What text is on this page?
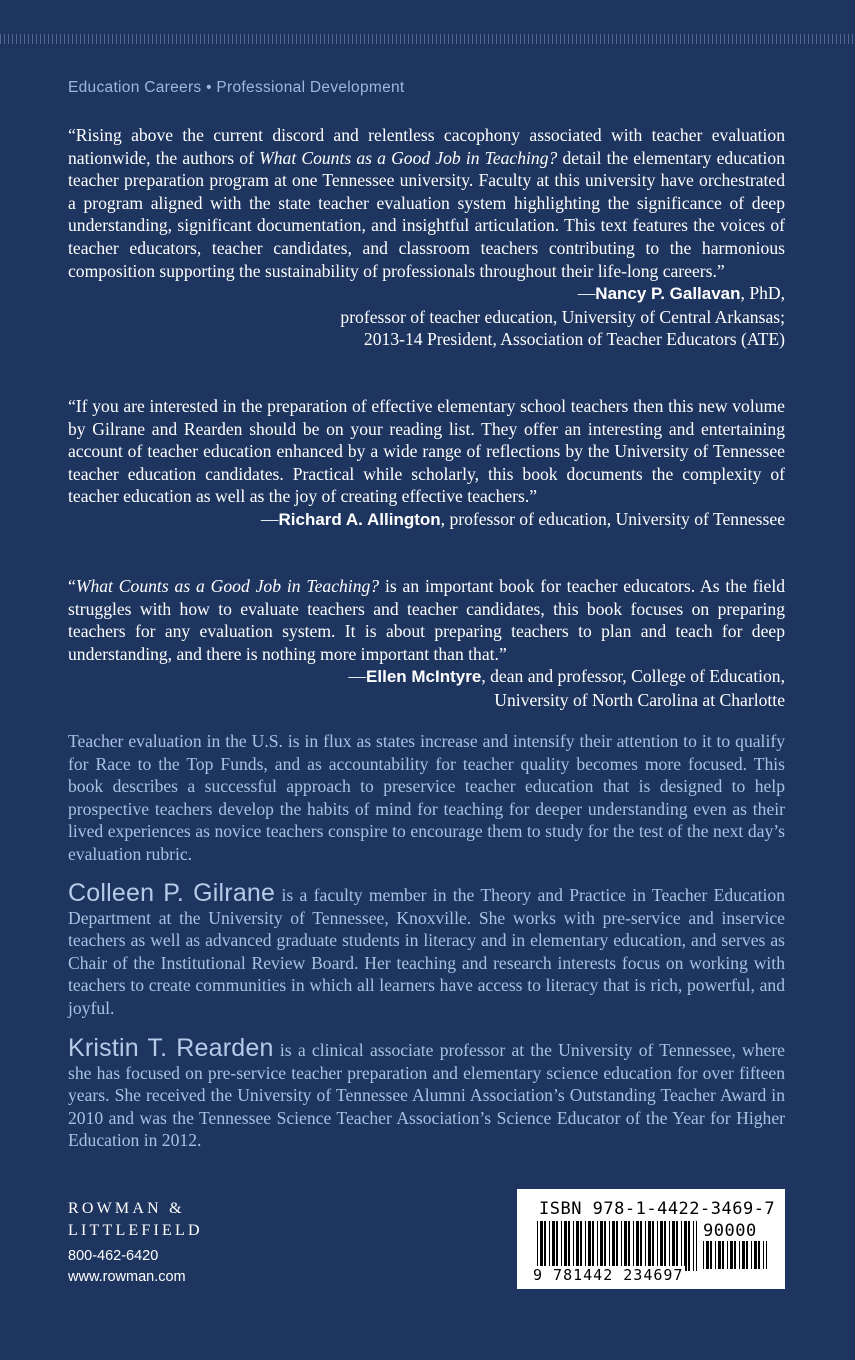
Education Careers • Professional Development
“Rising above the current discord and relentless cacophony associated with teacher evaluation nationwide, the authors of What Counts as a Good Job in Teaching? detail the elementary education teacher preparation program at one Tennessee university. Faculty at this university have orchestrated a program aligned with the state teacher evaluation system highlighting the significance of deep understanding, significant documentation, and insightful articulation. This text features the voices of teacher educators, teacher candidates, and classroom teachers contributing to the harmonious composition supporting the sustainability of professionals throughout their life-long careers.”
—Nancy P. Gallavan, PhD,
professor of teacher education, University of Central Arkansas;
2013-14 President, Association of Teacher Educators (ATE)
“If you are interested in the preparation of effective elementary school teachers then this new volume by Gilrane and Rearden should be on your reading list. They offer an interesting and entertaining account of teacher education enhanced by a wide range of reflections by the University of Tennessee teacher education candidates. Practical while scholarly, this book documents the complexity of teacher education as well as the joy of creating effective teachers.”
—Richard A. Allington, professor of education, University of Tennessee
“What Counts as a Good Job in Teaching? is an important book for teacher educators. As the field struggles with how to evaluate teachers and teacher candidates, this book focuses on preparing teachers for any evaluation system. It is about preparing teachers to plan and teach for deep understanding, and there is nothing more important than that.”
—Ellen McIntyre, dean and professor, College of Education,
University of North Carolina at Charlotte
Teacher evaluation in the U.S. is in flux as states increase and intensify their attention to it to qualify for Race to the Top Funds, and as accountability for teacher quality becomes more focused. This book describes a successful approach to preservice teacher education that is designed to help prospective teachers develop the habits of mind for teaching for deeper understanding even as their lived experiences as novice teachers conspire to encourage them to study for the test of the next day’s evaluation rubric.
Colleen P. Gilrane is a faculty member in the Theory and Practice in Teacher Education Department at the University of Tennessee, Knoxville. She works with pre-service and inservice teachers as well as advanced graduate students in literacy and in elementary education, and serves as Chair of the Institutional Review Board. Her teaching and research interests focus on working with teachers to create communities in which all learners have access to literacy that is rich, powerful, and joyful.
Kristin T. Rearden is a clinical associate professor at the University of Tennessee, where she has focused on pre-service teacher preparation and elementary science education for over fifteen years. She received the University of Tennessee Alumni Association’s Outstanding Teacher Award in 2010 and was the Tennessee Science Teacher Association’s Science Educator of the Year for Higher Education in 2012.
ROWMAN &
LITTLEFIELD
800-462-6420
www.rowman.com
ISBN 978-1-4422-3469-7
90000
9 781442 234697
